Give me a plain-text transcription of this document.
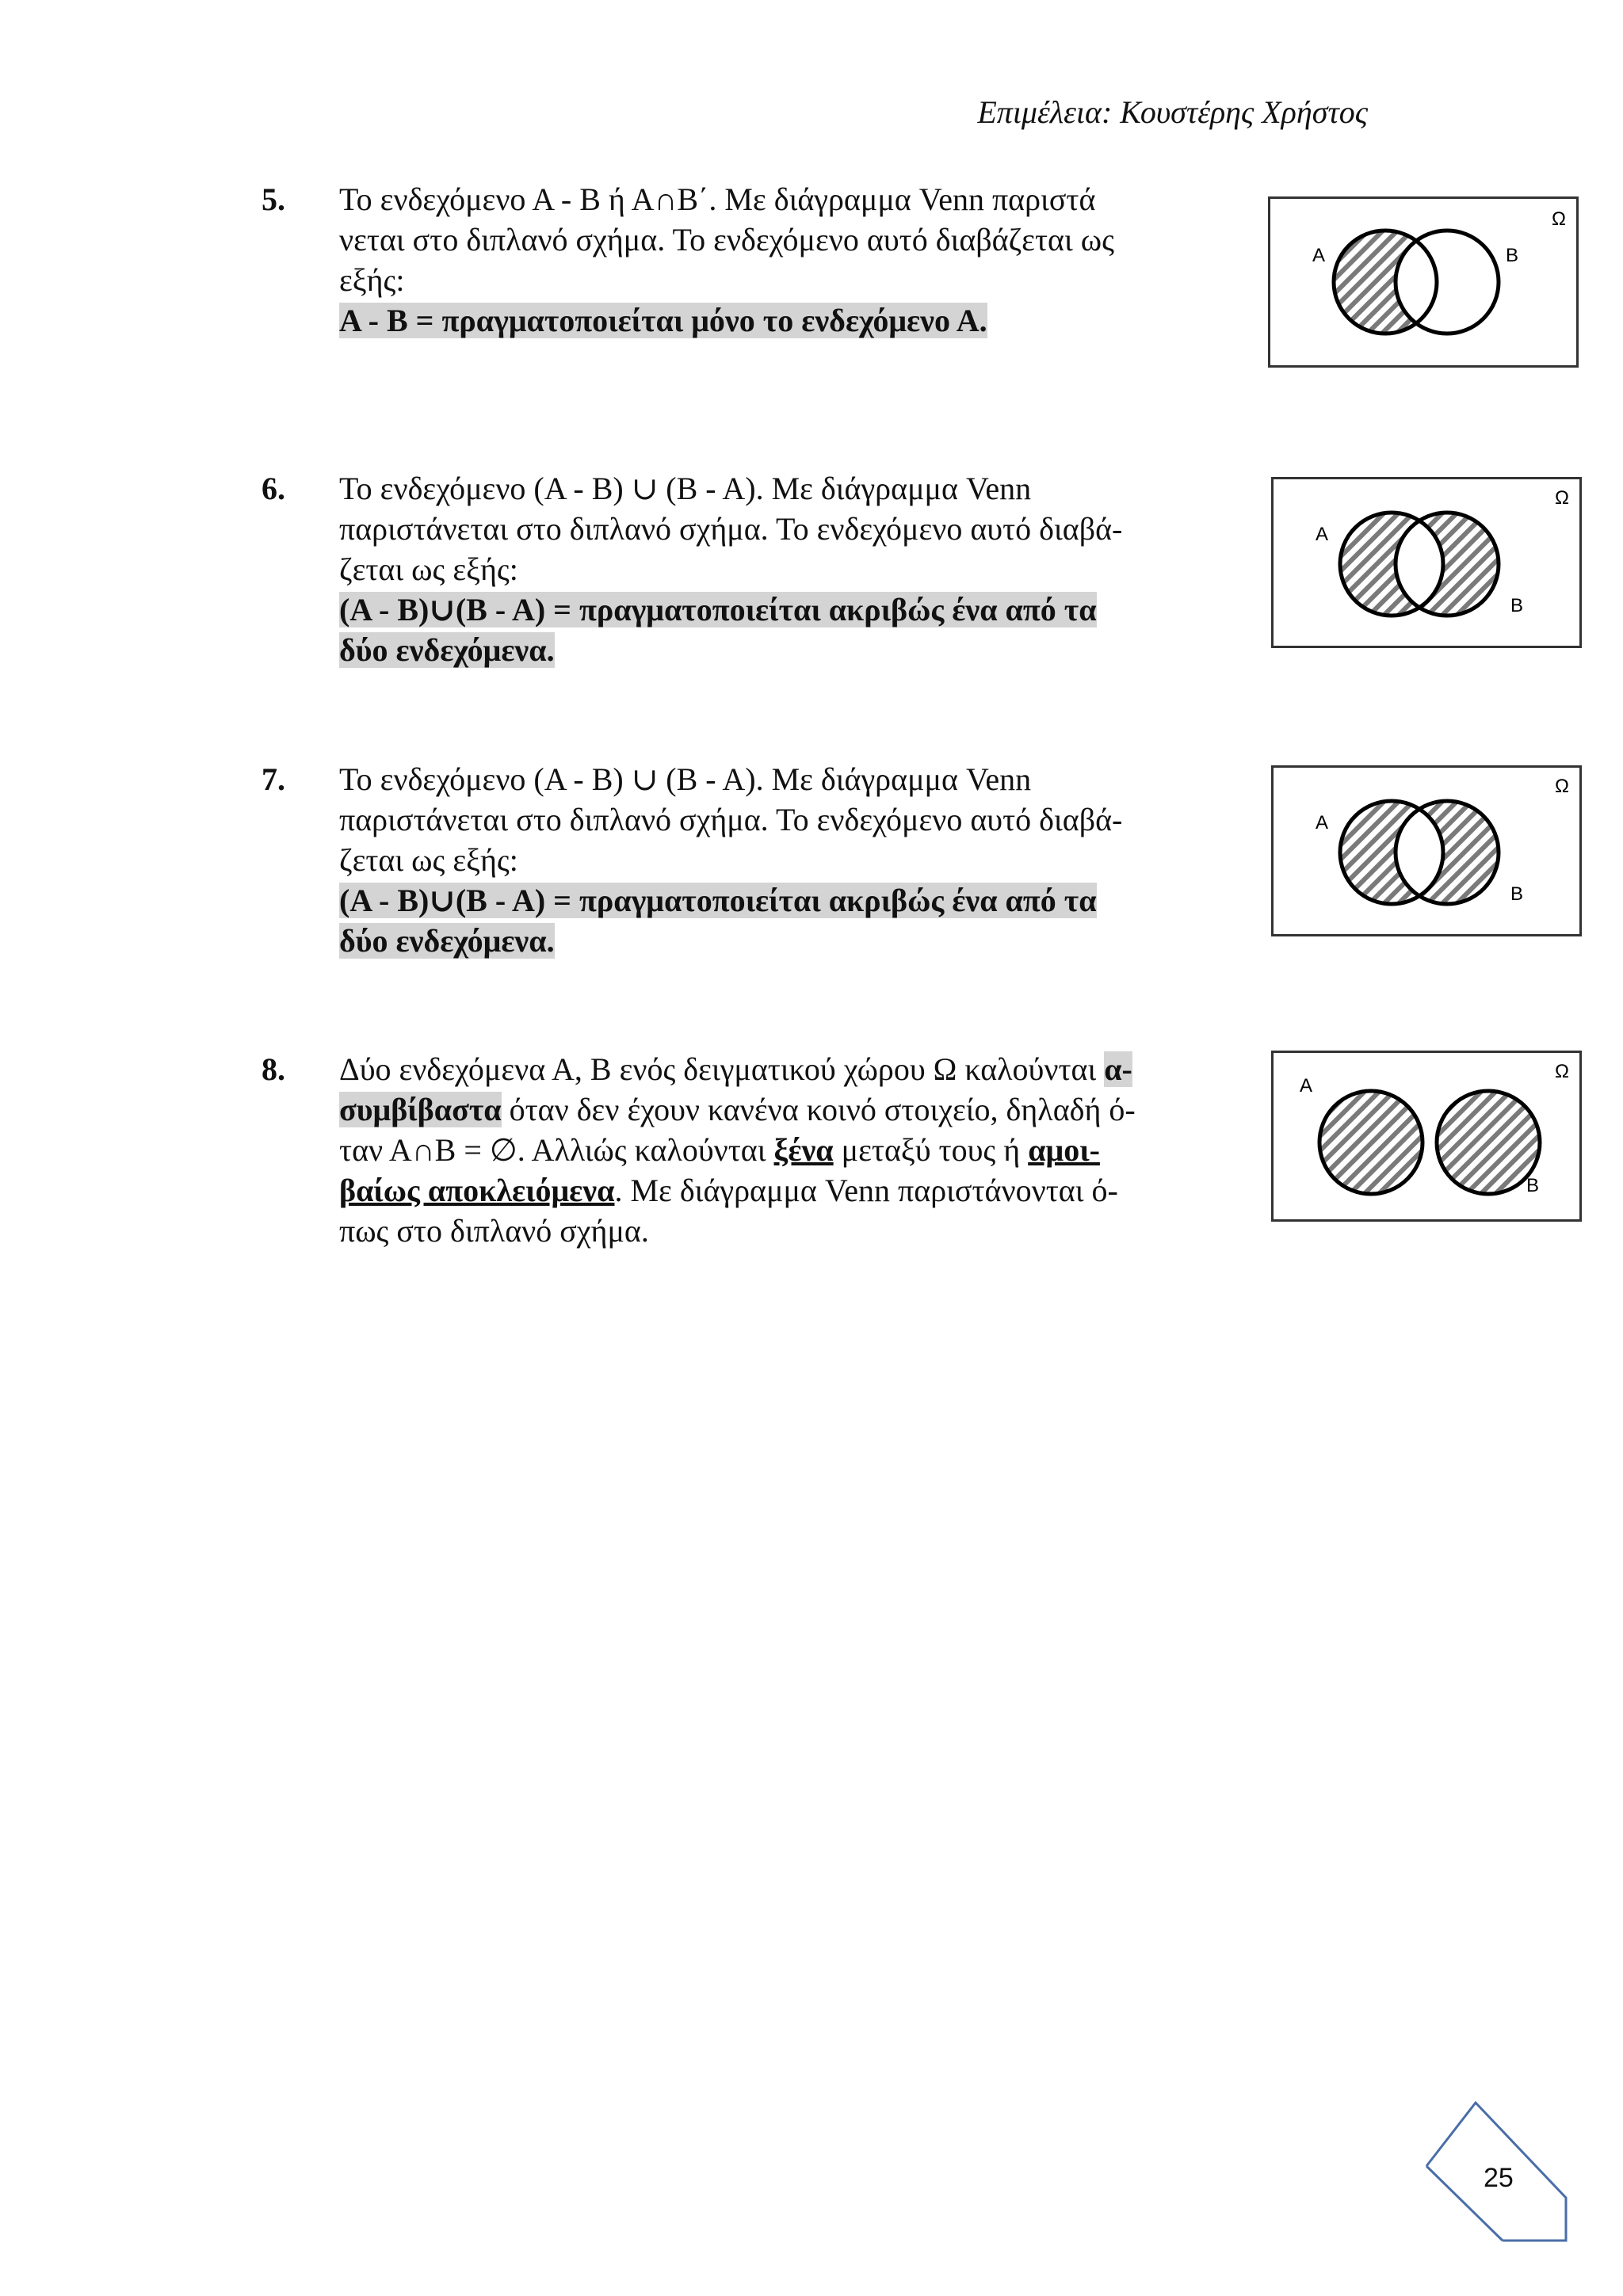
Επιμέλεια: Κουστέρης Χρήστος
5. Το ενδεχόμενο Α - Β ή Α∩Β΄. Με διάγραμμα Venn παριστά

νεται στο διπλανό σχήμα. Το ενδεχόμενο αυτό διαβάζεται ως

εξής:

Α - Β = πραγματοποιείται μόνο το ενδεχόμενο Α.

A	B
Ω
6. Το ενδεχόμενο (Α - Β) ∪ (Β - Α). Με διάγραμμα Venn

παριστάνεται στο διπλανό σχήμα. Το ενδεχόμενο αυτό διαβά-

ζεται ως εξής:

(Α - Β)∪(Β - Α) = πραγματοποιείται ακριβώς ένα από τα

δύο ενδεχόμενα.

A
B
Ω
7. Το ενδεχόμενο (Α - Β) ∪ (Β - Α). Με διάγραμμα Venn

παριστάνεται στο διπλανό σχήμα. Το ενδεχόμενο αυτό διαβά-

ζεται ως εξής:

(Α - Β)∪(Β - Α) = πραγματοποιείται ακριβώς ένα από τα

δύο ενδεχόμενα.

A
B
Ω
8. Δύο ενδεχόμενα Α, Β ενός δειγματικού χώρου Ω καλούνται α-

συμβίβαστα όταν δεν έχουν κανένα κοινό στοιχείο, δηλαδή ό-

ταν Α∩Β = ∅. Αλλιώς καλούνται ξένα μεταξύ τους ή αμοι-

βαίως αποκλειόμενα. Με διάγραμμα Venn παριστάνονται ό-

πως στο διπλανό σχήμα.

A
B
Ω
25
